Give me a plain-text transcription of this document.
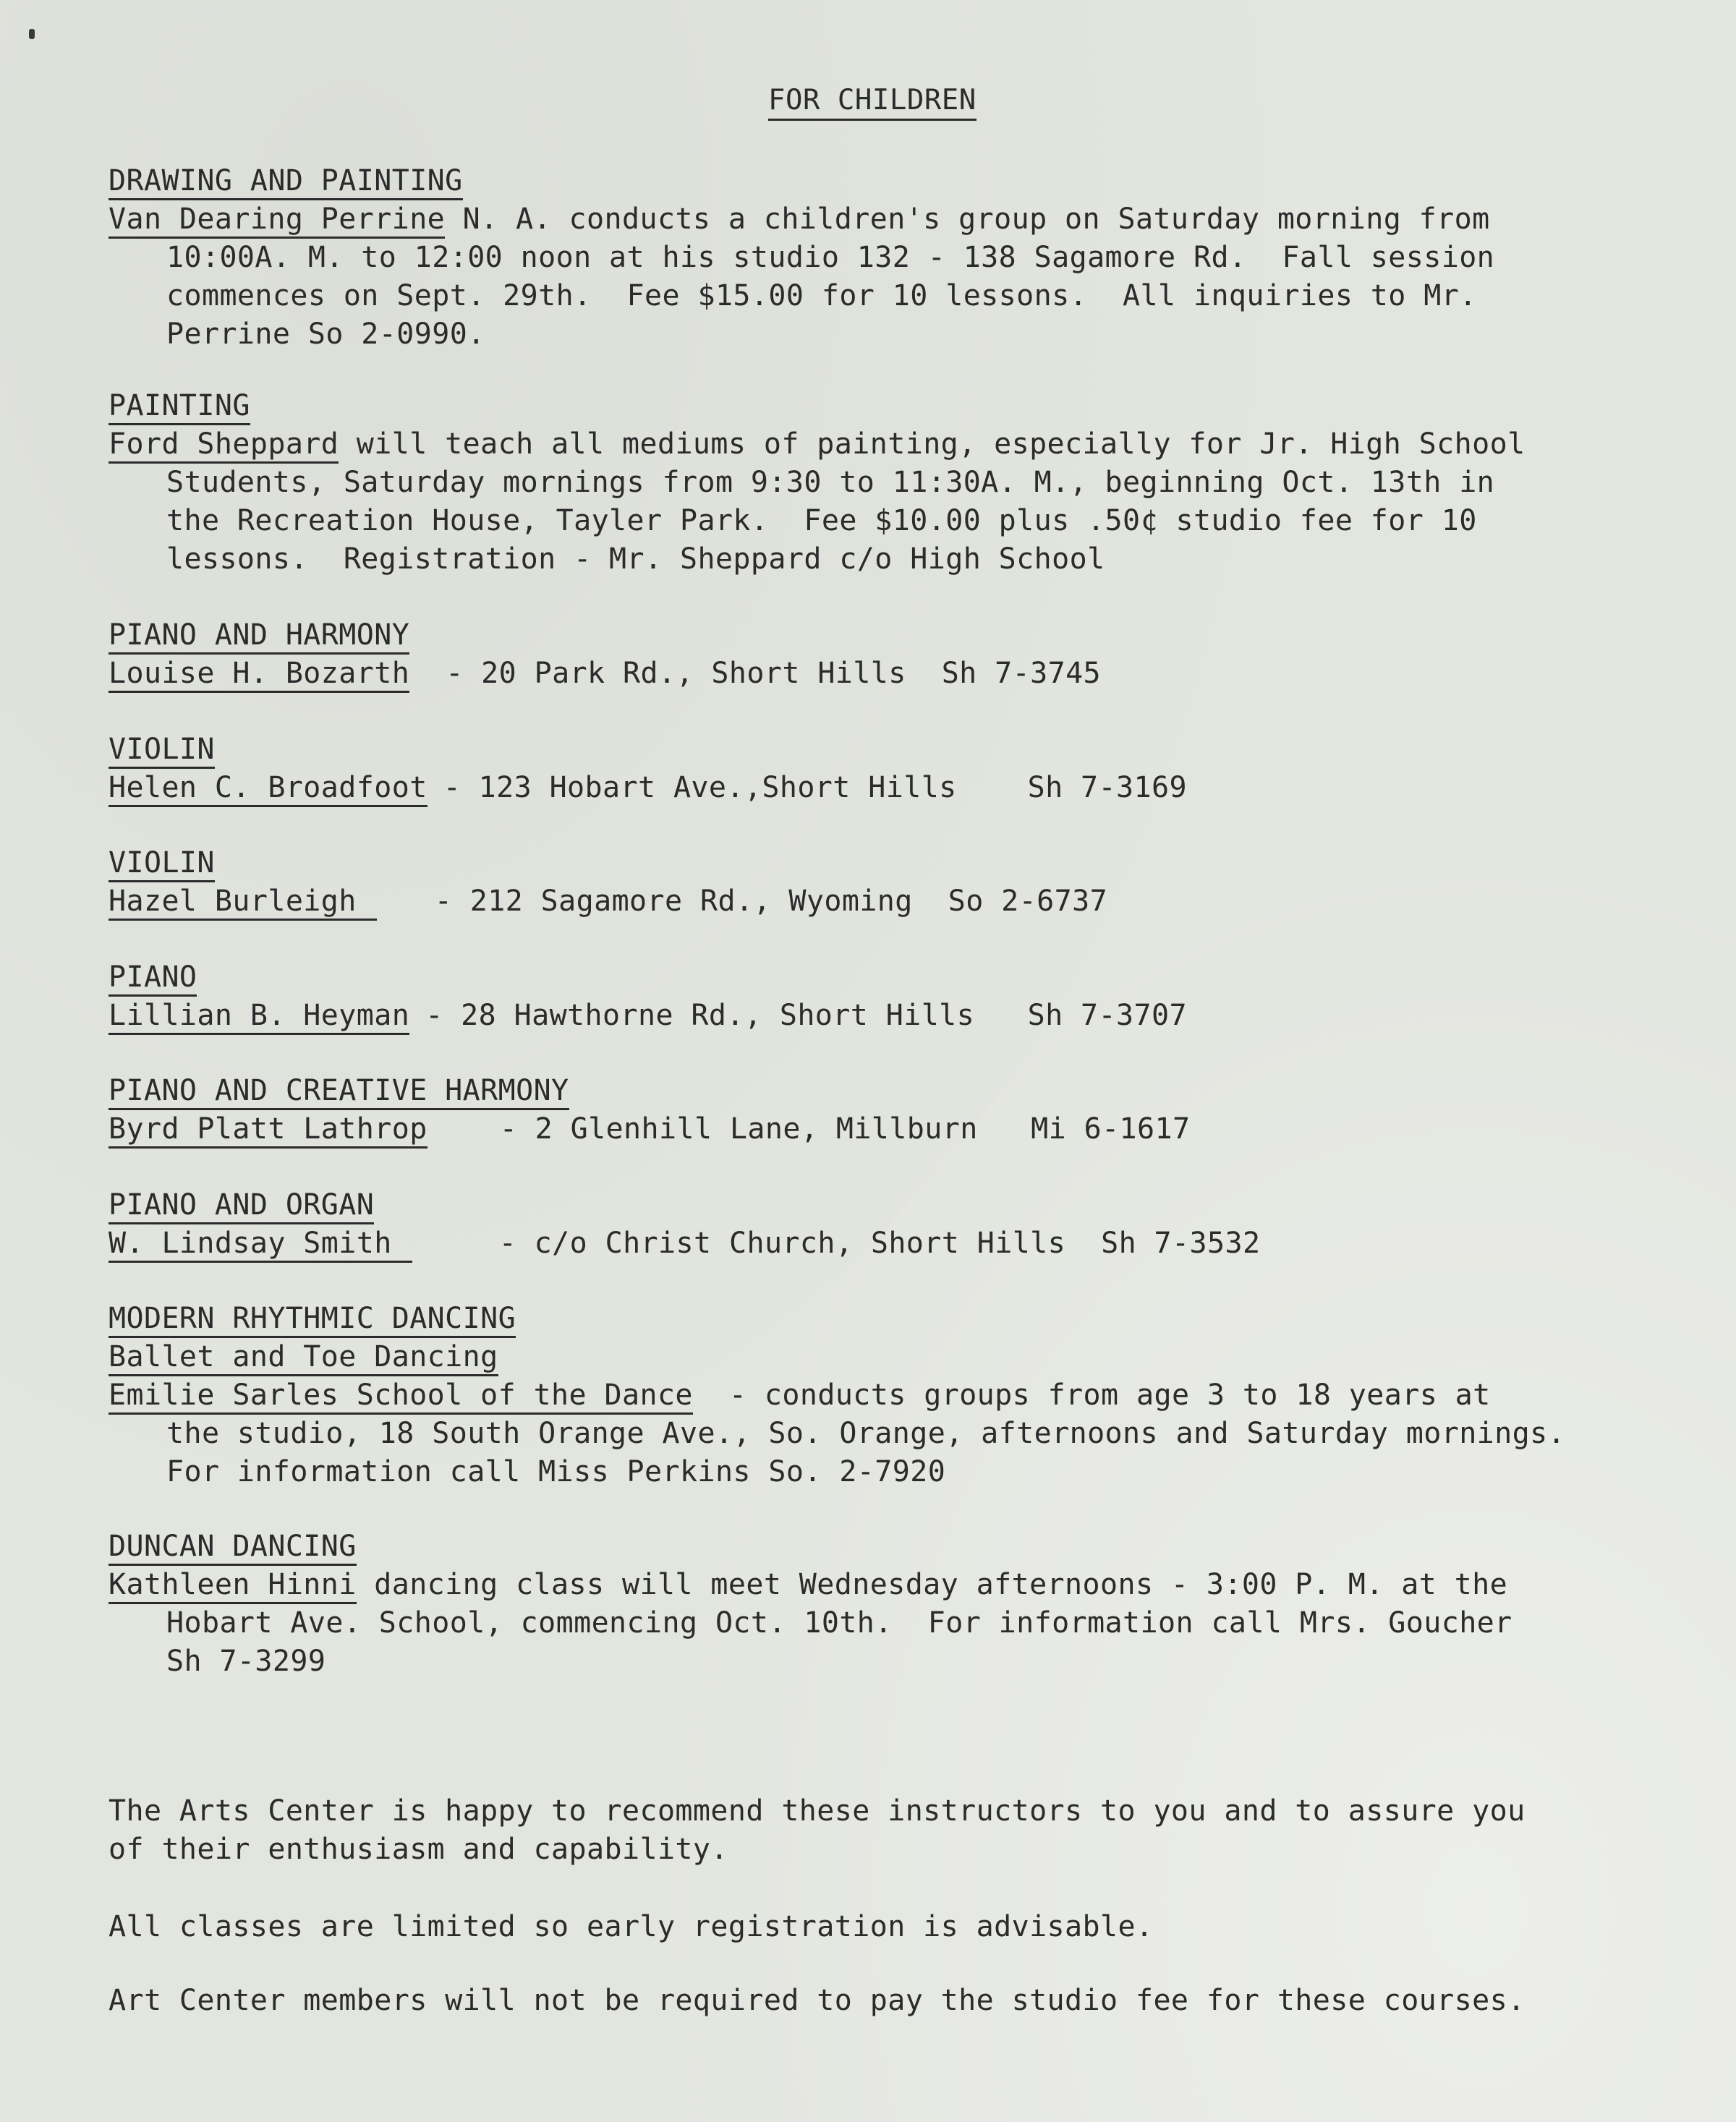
FOR CHILDREN
DRAWING AND PAINTING
Van Dearing Perrine N. A. conducts a children's group on Saturday morning from
10:00A. M. to 12:00 noon at his studio 132 - 138 Sagamore Rd.  Fall session
commences on Sept. 29th.  Fee $15.00 for 10 lessons.  All inquiries to Mr.
Perrine So 2-0990.
PAINTING
Ford Sheppard will teach all mediums of painting, especially for Jr. High School
Students, Saturday mornings from 9:30 to 11:30A. M., beginning Oct. 13th in
the Recreation House, Tayler Park.  Fee $10.00 plus .50¢ studio fee for 10
lessons.  Registration - Mr. Sheppard c/o High School
PIANO AND HARMONY
Louise H. Bozarth - 20 Park Rd., Short Hills  Sh 7-3745
VIOLIN
Helen C. Broadfoot - 123 Hobart Ave.,Short Hills    Sh 7-3169
VIOLIN
Hazel Burleigh	- 212 Sagamore Rd., Wyoming  So 2-6737
PIANO
Lillian B. Heyman - 28 Hawthorne Rd., Short Hills   Sh 7-3707
PIANO AND CREATIVE HARMONY
Byrd Platt Lathrop	- 2 Glenhill Lane, Millburn   Mi 6-1617
PIANO AND ORGAN
W. Lindsay Smith	- c/o Christ Church, Short Hills  Sh 7-3532
MODERN RHYTHMIC DANCING
Ballet and Toe Dancing
Emilie Sarles School of the Dance - conducts groups from age 3 to 18 years at
the studio, 18 South Orange Ave., So. Orange, afternoons and Saturday mornings.
For information call Miss Perkins So. 2-7920
DUNCAN DANCING
Kathleen Hinni dancing class will meet Wednesday afternoons - 3:00 P. M. at the
Hobart Ave. School, commencing Oct. 10th.  For information call Mrs. Goucher
Sh 7-3299
The Arts Center is happy to recommend these instructors to you and to assure you
of their enthusiasm and capability.
All classes are limited so early registration is advisable.
Art Center members will not be required to pay the studio fee for these courses.
